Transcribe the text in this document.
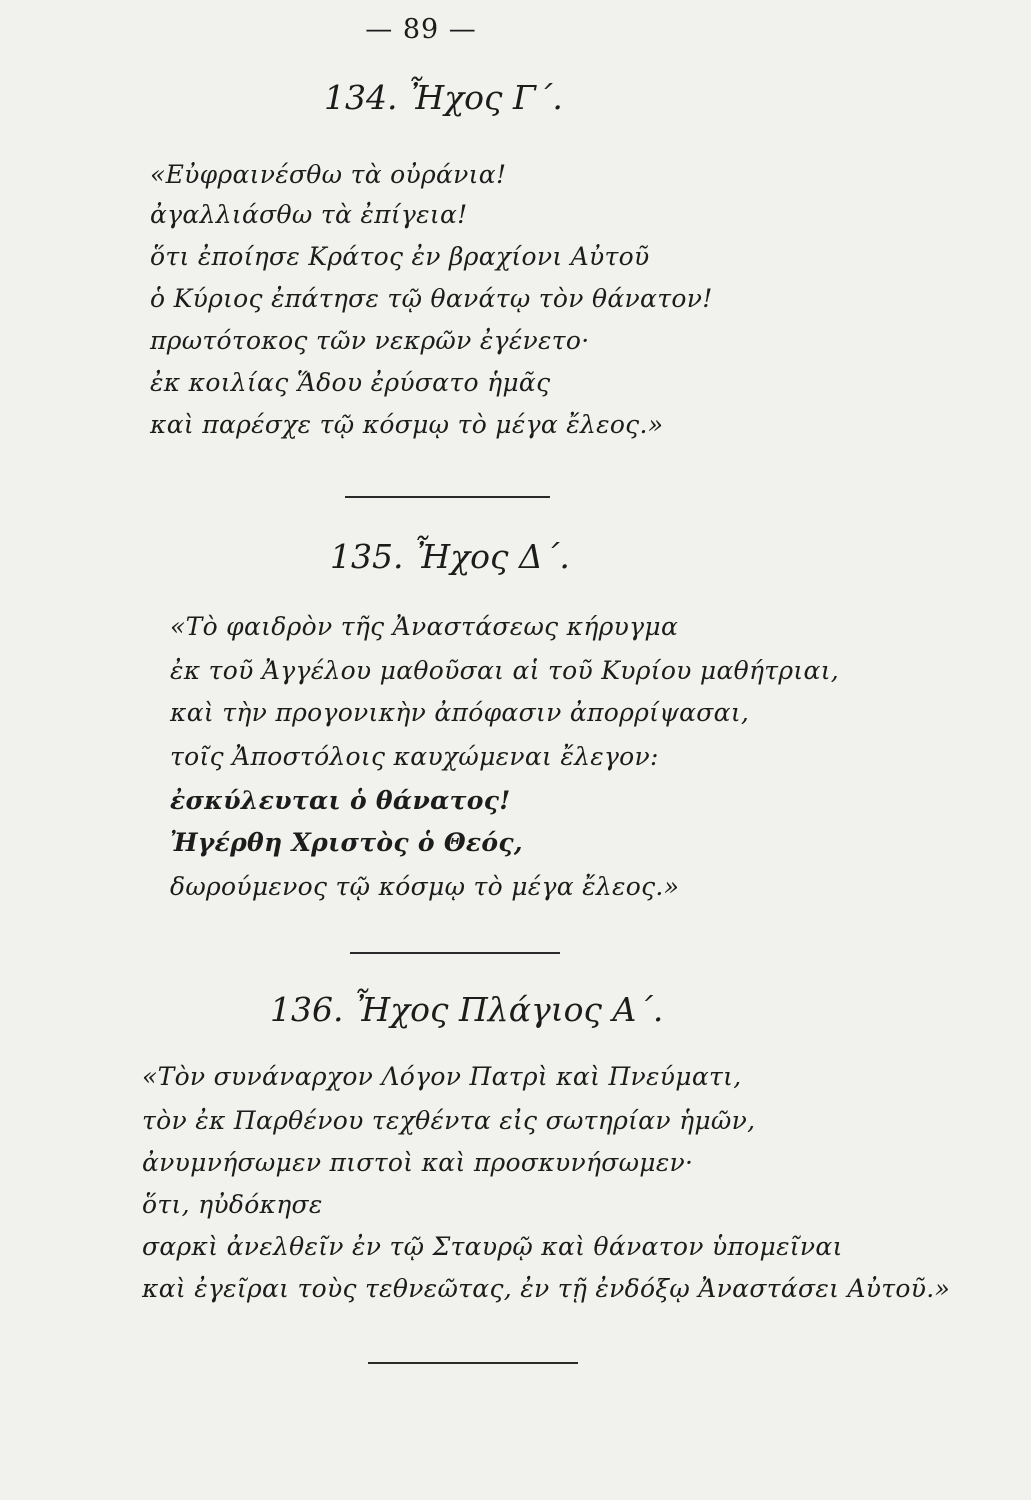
— 89 —
134. Ἦχος Γ΄.
«Εὐφραινέσθω τὰ οὐράνια!
ἀγαλλιάσθω τὰ ἐπίγεια!
ὅτι ἐποίησε Κράτος ἐν βραχίονι Αὐτοῦ
ὁ Κύριος ἐπάτησε τῷ θανάτῳ τὸν θάνατον!
πρωτότοκος τῶν νεκρῶν ἐγένετο·
ἐκ κοιλίας Ἅδου ἐρύσατο ἡμᾶς
καὶ παρέσχε τῷ κόσμῳ τὸ μέγα ἔλεος.»
135. Ἦχος Δ΄.
«Τὸ φαιδρὸν τῆς Ἀναστάσεως κήρυγμα
ἐκ τοῦ Ἀγγέλου μαθοῦσαι αἱ τοῦ Κυρίου μαθήτριαι,
καὶ τὴν προγονικὴν ἀπόφασιν ἀπορρίψασαι,
τοῖς Ἀποστόλοις καυχώμεναι ἔλεγον:
ἐσκύλευται ὁ θάνατος!
Ἠγέρθη Χριστὸς ὁ Θεός,
δωρούμενος τῷ κόσμῳ τὸ μέγα ἔλεος.»
136. Ἦχος Πλάγιος Α΄.
«Τὸν συνάναρχον Λόγον Πατρὶ καὶ Πνεύματι,
τὸν ἐκ Παρθένου τεχθέντα εἰς σωτηρίαν ἡμῶν,
ἀνυμνήσωμεν πιστοὶ καὶ προσκυνήσωμεν·
ὅτι, ηὐδόκησε
σαρκὶ ἀνελθεῖν ἐν τῷ Σταυρῷ καὶ θάνατον ὑπομεῖναι
καὶ ἐγεῖραι τοὺς τεθνεῶτας, ἐν τῇ ἐνδόξῳ Ἀναστάσει Αὐτοῦ.»
